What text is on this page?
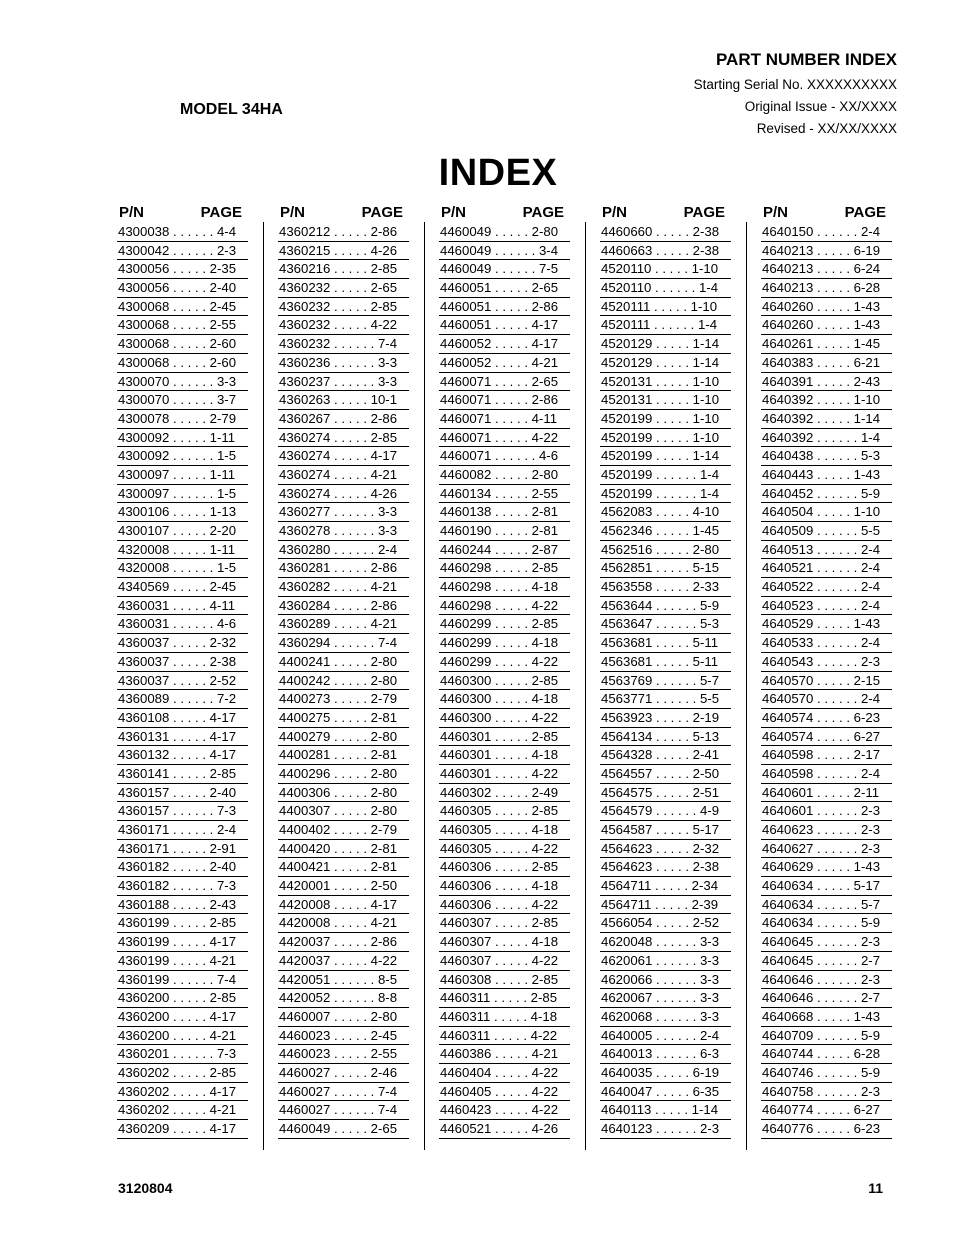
PART NUMBER INDEX
Starting Serial No. XXXXXXXXXX
Original Issue - XX/XXXX
Revised - XX/XX/XXXX
MODEL 34HA
INDEX
P/N	PAGE
4300038 . . . . . . 4-4
4300042 . . . . . . 2-3
4300056 . . . . . 2-35
4300056 . . . . . 2-40
4300068 . . . . . 2-45
4300068 . . . . . 2-55
4300068 . . . . . 2-60
4300068 . . . . . 2-60
4300070 . . . . . . 3-3
4300070 . . . . . . 3-7
4300078 . . . . . 2-79
4300092 . . . . . 1-11
4300092 . . . . . . 1-5
4300097 . . . . . 1-11
4300097 . . . . . . 1-5
4300106 . . . . . 1-13
4300107 . . . . . 2-20
4320008 . . . . . 1-11
4320008 . . . . . . 1-5
4340569 . . . . . 2-45
4360031 . . . . . 4-11
4360031 . . . . . . 4-6
4360037 . . . . . 2-32
4360037 . . . . . 2-38
4360037 . . . . . 2-52
4360089 . . . . . . 7-2
4360108 . . . . . 4-17
4360131 . . . . . 4-17
4360132 . . . . . 4-17
4360141 . . . . . 2-85
4360157 . . . . . 2-40
4360157 . . . . . . 7-3
4360171 . . . . . . 2-4
4360171 . . . . . 2-91
4360182 . . . . . 2-40
4360182 . . . . . . 7-3
4360188 . . . . . 2-43
4360199 . . . . . 2-85
4360199 . . . . . 4-17
4360199 . . . . . 4-21
4360199 . . . . . . 7-4
4360200 . . . . . 2-85
4360200 . . . . . 4-17
4360200 . . . . . 4-21
4360201 . . . . . . 7-3
4360202 . . . . . 2-85
4360202 . . . . . 4-17
4360202 . . . . . 4-21
4360209 . . . . . 4-17
P/N	PAGE
4360212 . . . . . 2-86
4360215 . . . . . 4-26
4360216 . . . . . 2-85
4360232 . . . . . 2-65
4360232 . . . . . 2-85
4360232 . . . . . 4-22
4360232 . . . . . . 7-4
4360236 . . . . . . 3-3
4360237 . . . . . . 3-3
4360263 . . . . . 10-1
4360267 . . . . . 2-86
4360274 . . . . . 2-85
4360274 . . . . . 4-17
4360274 . . . . . 4-21
4360274 . . . . . 4-26
4360277 . . . . . . 3-3
4360278 . . . . . . 3-3
4360280 . . . . . . 2-4
4360281 . . . . . 2-86
4360282 . . . . . 4-21
4360284 . . . . . 2-86
4360289 . . . . . 4-21
4360294 . . . . . . 7-4
4400241 . . . . . 2-80
4400242 . . . . . 2-80
4400273 . . . . . 2-79
4400275 . . . . . 2-81
4400279 . . . . . 2-80
4400281 . . . . . 2-81
4400296 . . . . . 2-80
4400306 . . . . . 2-80
4400307 . . . . . 2-80
4400402 . . . . . 2-79
4400420 . . . . . 2-81
4400421 . . . . . 2-81
4420001 . . . . . 2-50
4420008 . . . . . 4-17
4420008 . . . . . 4-21
4420037 . . . . . 2-86
4420037 . . . . . 4-22
4420051 . . . . . . 8-5
4420052 . . . . . . 8-8
4460007 . . . . . 2-80
4460023 . . . . . 2-45
4460023 . . . . . 2-55
4460027 . . . . . 2-46
4460027 . . . . . . 7-4
4460027 . . . . . . 7-4
4460049 . . . . . 2-65
P/N	PAGE
4460049 . . . . . 2-80
4460049 . . . . . . 3-4
4460049 . . . . . . 7-5
4460051 . . . . . 2-65
4460051 . . . . . 2-86
4460051 . . . . . 4-17
4460052 . . . . . 4-17
4460052 . . . . . 4-21
4460071 . . . . . 2-65
4460071 . . . . . 2-86
4460071 . . . . . 4-11
4460071 . . . . . 4-22
4460071 . . . . . . 4-6
4460082 . . . . . 2-80
4460134 . . . . . 2-55
4460138 . . . . . 2-81
4460190 . . . . . 2-81
4460244 . . . . . 2-87
4460298 . . . . . 2-85
4460298 . . . . . 4-18
4460298 . . . . . 4-22
4460299 . . . . . 2-85
4460299 . . . . . 4-18
4460299 . . . . . 4-22
4460300 . . . . . 2-85
4460300 . . . . . 4-18
4460300 . . . . . 4-22
4460301 . . . . . 2-85
4460301 . . . . . 4-18
4460301 . . . . . 4-22
4460302 . . . . . 2-49
4460305 . . . . . 2-85
4460305 . . . . . 4-18
4460305 . . . . . 4-22
4460306 . . . . . 2-85
4460306 . . . . . 4-18
4460306 . . . . . 4-22
4460307 . . . . . 2-85
4460307 . . . . . 4-18
4460307 . . . . . 4-22
4460308 . . . . . 2-85
4460311 . . . . . 2-85
4460311 . . . . . 4-18
4460311 . . . . . 4-22
4460386 . . . . . 4-21
4460404 . . . . . 4-22
4460405 . . . . . 4-22
4460423 . . . . . 4-22
4460521 . . . . . 4-26
P/N	PAGE
4460660 . . . . . 2-38
4460663 . . . . . 2-38
4520110 . . . . . 1-10
4520110 . . . . . . 1-4
4520111 . . . . . 1-10
4520111 . . . . . . 1-4
4520129 . . . . . 1-14
4520129 . . . . . 1-14
4520131 . . . . . 1-10
4520131 . . . . . 1-10
4520199 . . . . . 1-10
4520199 . . . . . 1-10
4520199 . . . . . 1-14
4520199 . . . . . . 1-4
4520199 . . . . . . 1-4
4562083 . . . . . 4-10
4562346 . . . . . 1-45
4562516 . . . . . 2-80
4562851 . . . . . 5-15
4563558 . . . . . 2-33
4563644 . . . . . . 5-9
4563647 . . . . . . 5-3
4563681 . . . . . 5-11
4563681 . . . . . 5-11
4563769 . . . . . . 5-7
4563771 . . . . . . 5-5
4563923 . . . . . 2-19
4564134 . . . . . 5-13
4564328 . . . . . 2-41
4564557 . . . . . 2-50
4564575 . . . . . 2-51
4564579 . . . . . . 4-9
4564587 . . . . . 5-17
4564623 . . . . . 2-32
4564623 . . . . . 2-38
4564711 . . . . . 2-34
4564711 . . . . . 2-39
4566054 . . . . . 2-52
4620048 . . . . . . 3-3
4620061 . . . . . . 3-3
4620066 . . . . . . 3-3
4620067 . . . . . . 3-3
4620068 . . . . . . 3-3
4640005 . . . . . . 2-4
4640013 . . . . . . 6-3
4640035 . . . . . 6-19
4640047 . . . . . 6-35
4640113 . . . . . 1-14
4640123 . . . . . . 2-3
P/N	PAGE
4640150 . . . . . . 2-4
4640213 . . . . . 6-19
4640213 . . . . . 6-24
4640213 . . . . . 6-28
4640260 . . . . . 1-43
4640260 . . . . . 1-43
4640261 . . . . . 1-45
4640383 . . . . . 6-21
4640391 . . . . . 2-43
4640392 . . . . . 1-10
4640392 . . . . . 1-14
4640392 . . . . . . 1-4
4640438 . . . . . . 5-3
4640443 . . . . . 1-43
4640452 . . . . . . 5-9
4640504 . . . . . 1-10
4640509 . . . . . . 5-5
4640513 . . . . . . 2-4
4640521 . . . . . . 2-4
4640522 . . . . . . 2-4
4640523 . . . . . . 2-4
4640529 . . . . . 1-43
4640533 . . . . . . 2-4
4640543 . . . . . . 2-3
4640570 . . . . . 2-15
4640570 . . . . . . 2-4
4640574 . . . . . 6-23
4640574 . . . . . 6-27
4640598 . . . . . 2-17
4640598 . . . . . . 2-4
4640601 . . . . . 2-11
4640601 . . . . . . 2-3
4640623 . . . . . . 2-3
4640627 . . . . . . 2-3
4640629 . . . . . 1-43
4640634 . . . . . 5-17
4640634 . . . . . . 5-7
4640634 . . . . . . 5-9
4640645 . . . . . . 2-3
4640645 . . . . . . 2-7
4640646 . . . . . . 2-3
4640646 . . . . . . 2-7
4640668 . . . . . 1-43
4640709 . . . . . . 5-9
4640744 . . . . . 6-28
4640746 . . . . . . 5-9
4640758 . . . . . . 2-3
4640774 . . . . . 6-27
4640776 . . . . . 6-23
3120804	11
